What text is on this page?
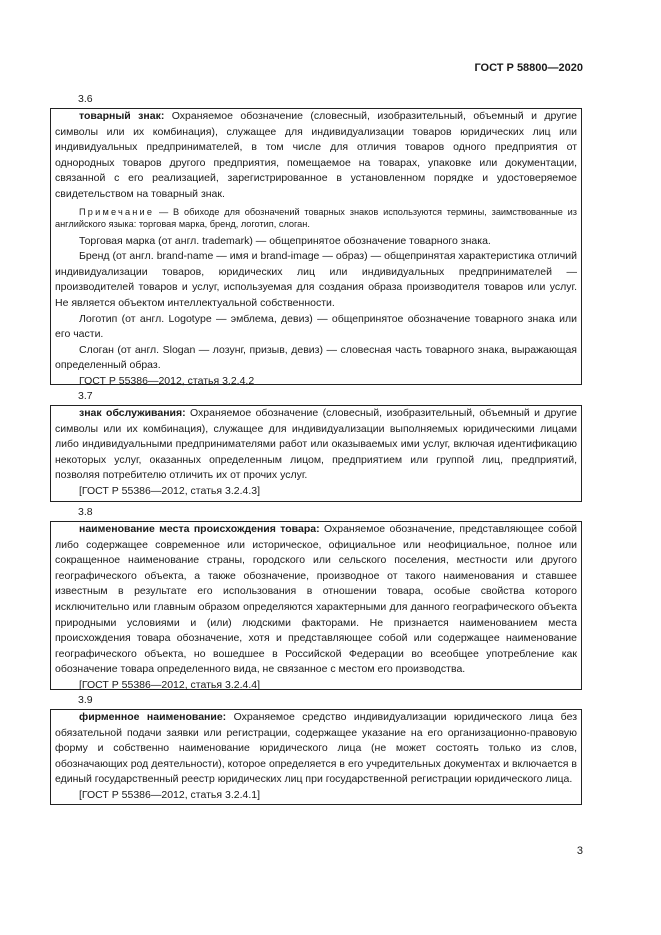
ГОСТ Р 58800—2020
3.6

товарный знак: Охраняемое обозначение (словесный, изобразительный, объемный и другие символы или их комбинация), служащее для индивидуализации товаров юридических лиц или индивидуальных предпринимателей, в том числе для отличия товаров одного предприятия от однородных товаров другого предприятия, помещаемое на товарах, упаковке или документации, связанной с его реализацией, зарегистрированное в установленном порядке и удостоверяемое свидетельством на товарный знак.

Примечание — В обиходе для обозначений товарных знаков используются термины, заимствованные из английского языка: торговая марка, бренд, логотип, слоган.

Торговая марка (от англ. trademark) — общепринятое обозначение товарного знака.

Бренд (от англ. brand-name — имя и brand-image — образ) — общепринятая характеристика отличий индивидуализации товаров, юридических лиц или индивидуальных предпринимателей — производителей товаров и услуг, используемая для создания образа производителя товаров или услуг. Не является объектом интеллектуальной собственности.

Логотип (от англ. Logotype — эмблема, девиз) — общепринятое обозначение товарного знака или его части.

Слоган (от англ. Slogan — лозунг, призыв, девиз) — словесная часть товарного знака, выражающая определенный образ.

ГОСТ Р 55386—2012, статья 3.2.4.2

3.7

знак обслуживания: Охраняемое обозначение (словесный, изобразительный, объемный и другие символы или их комбинация), служащее для индивидуализации выполняемых юридическими лицами либо индивидуальными предпринимателями работ или оказываемых ими услуг, включая идентификацию некоторых услуг, оказанных определенным лицом, предприятием или группой лиц, предприятий, позволяя потребителю отличить их от прочих услуг.

[ГОСТ Р 55386—2012, статья 3.2.4.3]

3.8

наименование места происхождения товара: Охраняемое обозначение, представляющее собой либо содержащее современное или историческое, официальное или неофициальное, полное или сокращенное наименование страны, городского или сельского поселения, местности или другого географического объекта, а также обозначение, производное от такого наименования и ставшее известным в результате его использования в отношении товара, особые свойства которого исключительно или главным образом определяются характерными для данного географического объекта природными условиями и (или) людскими факторами. Не признается наименованием места происхождения товара обозначение, хотя и представляющее собой или содержащее наименование географического объекта, но вошедшее в Российской Федерации во всеобщее употребление как обозначение товара определенного вида, не связанное с местом его производства.

[ГОСТ Р 55386—2012, статья 3.2.4.4]

3.9

фирменное наименование: Охраняемое средство индивидуализации юридического лица без обязательной подачи заявки или регистрации, содержащее указание на его организационно-правовую форму и собственно наименование юридического лица (не может состоять только из слов, обозначающих род деятельности), которое определяется в его учредительных документах и включается в единый государственный реестр юридических лиц при государственной регистрации юридического лица.

[ГОСТ Р 55386—2012, статья 3.2.4.1]

3
